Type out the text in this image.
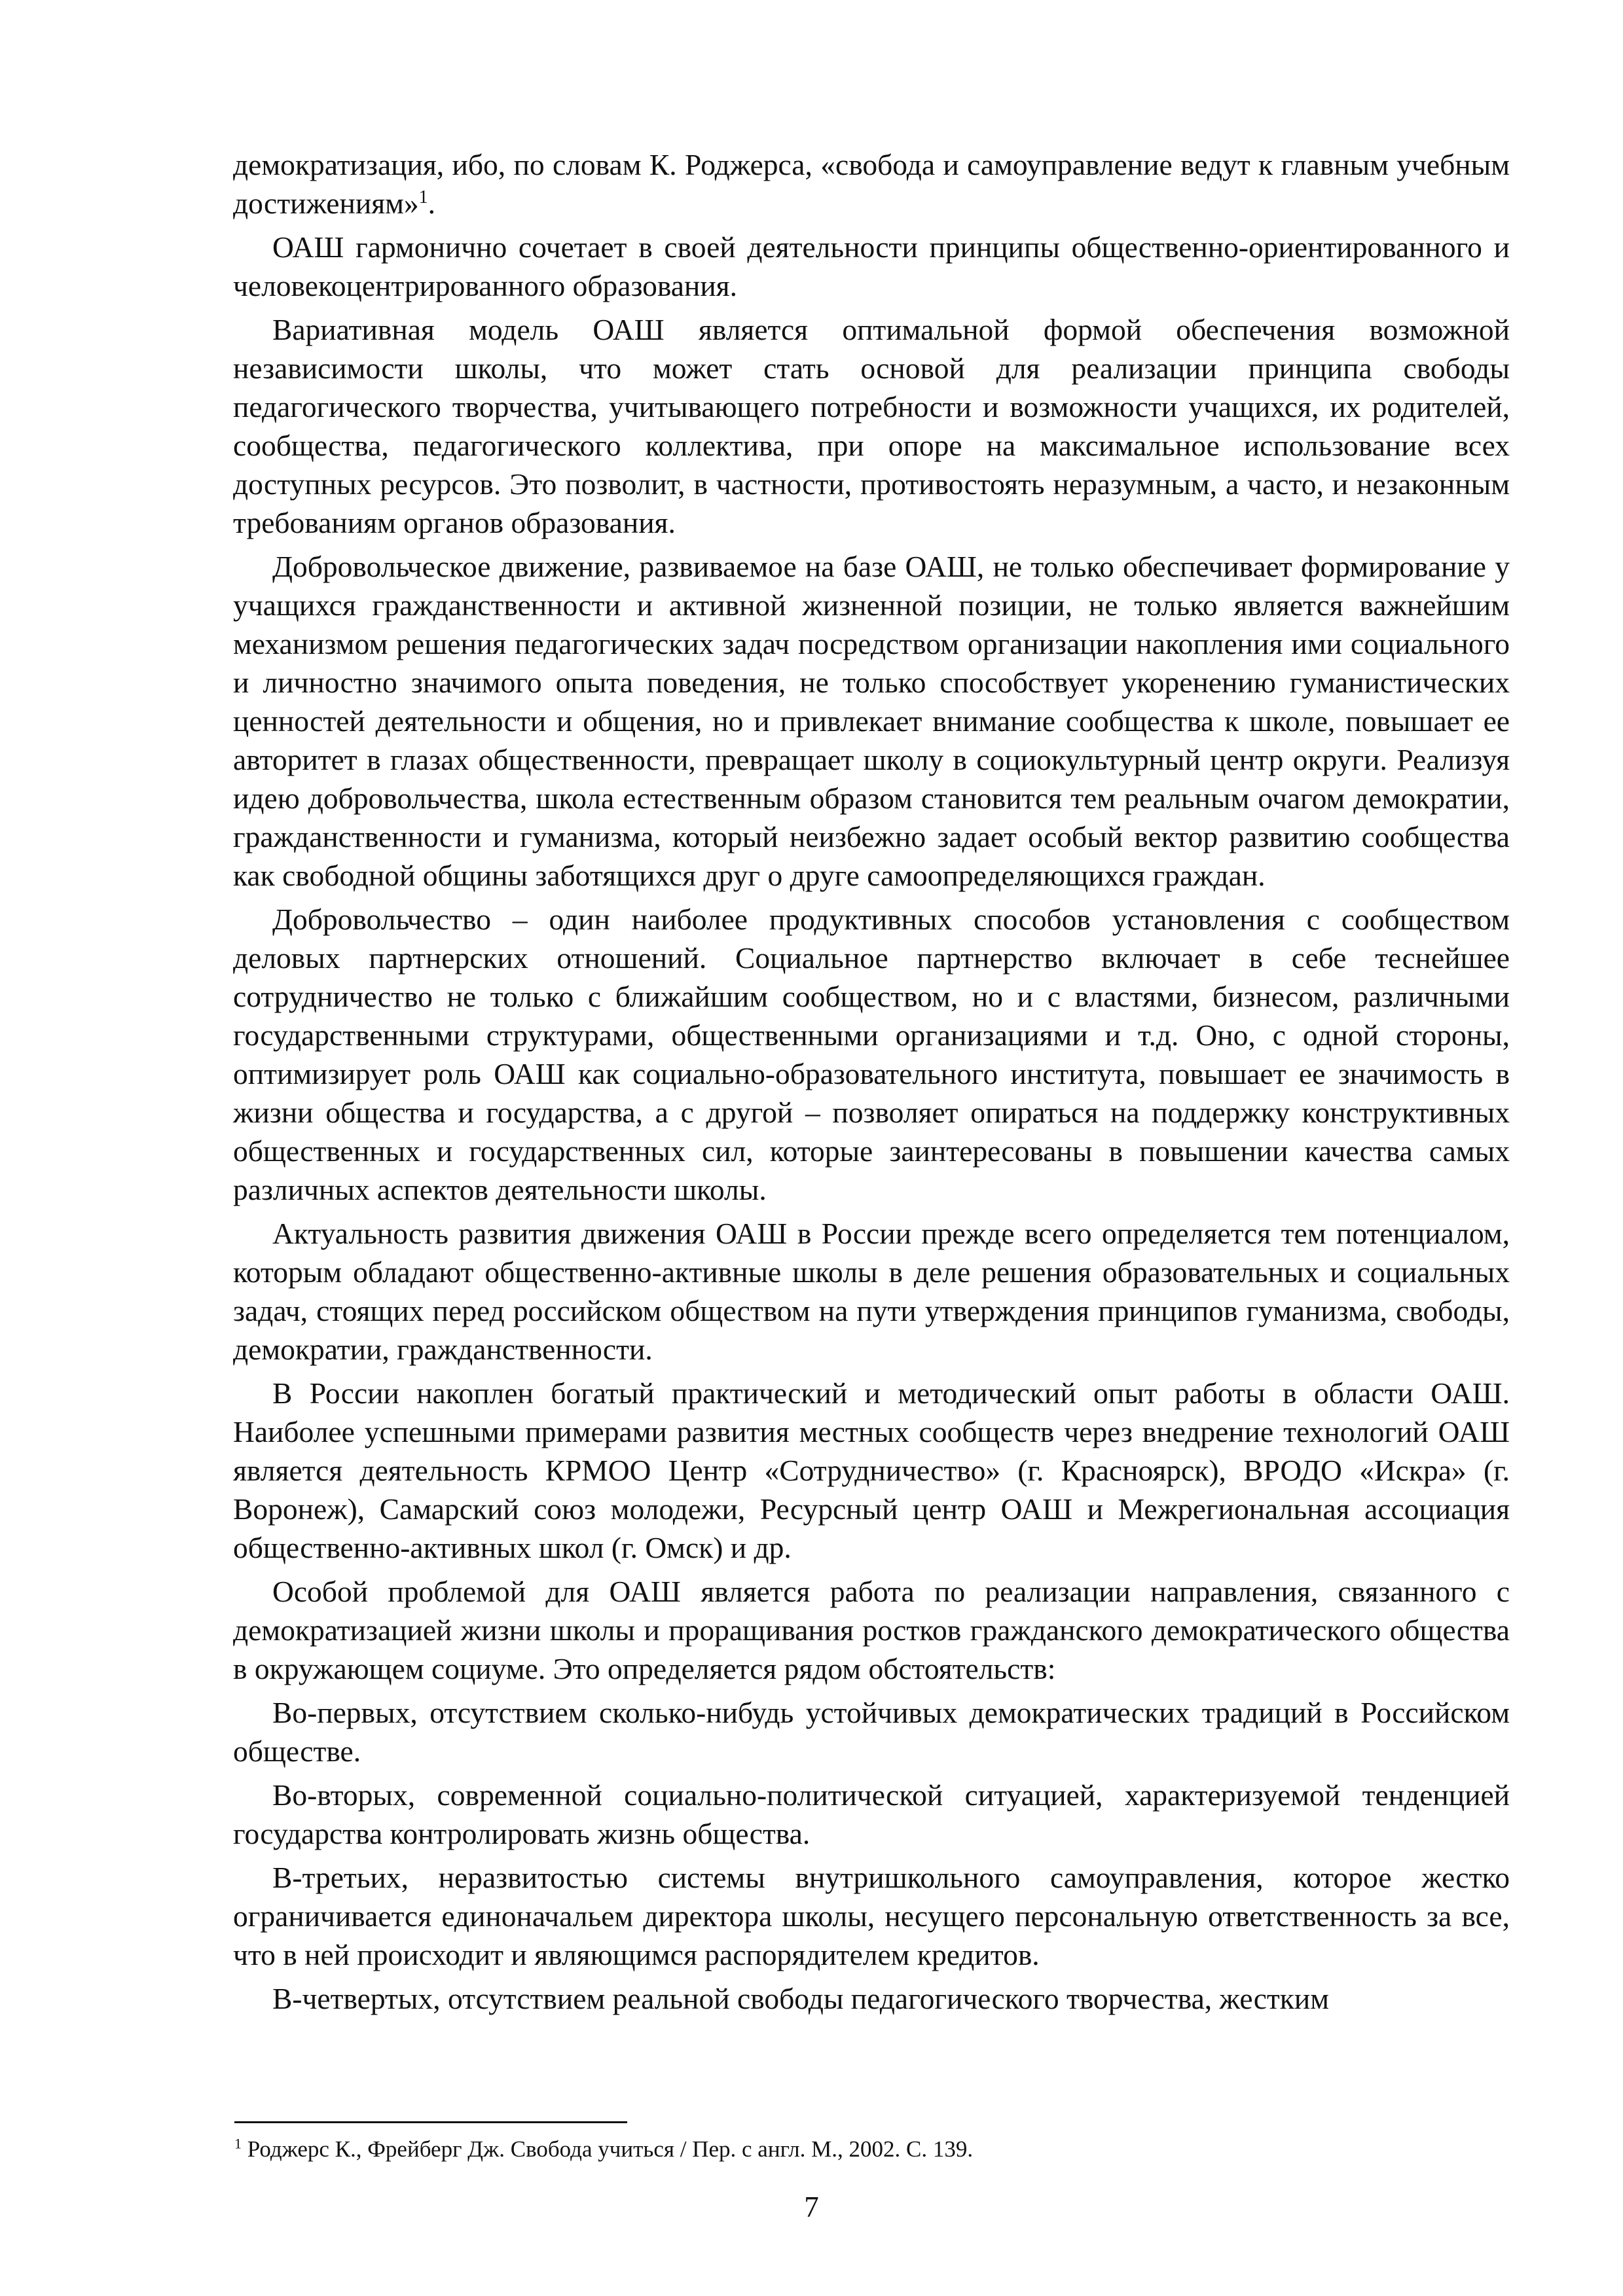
демократизация, ибо, по словам К. Роджерса, «свобода и самоуправление ведут к главным учебным достижениям»$^1$.

ОАШ гармонично сочетает в своей деятельности принципы общественно-ориентированного и человекоцентрированного образования.

Вариативная модель ОАШ является оптимальной формой обеспечения возможной независимости школы, что может стать основой для реализации принципа свободы педагогического творчества, учитывающего потребности и возможности учащихся, их родителей, сообщества, педагогического коллектива, при опоре на максимальное использование всех доступных ресурсов. Это позволит, в частности, противостоять неразумным, а часто, и незаконным требованиям органов образования.

Добровольческое движение, развиваемое на базе ОАШ, не только обеспечивает формирование у учащихся гражданственности и активной жизненной позиции, не только является важнейшим механизмом решения педагогических задач посредством организации накопления ими социального и личностно значимого опыта поведения, не только способствует укоренению гуманистических ценностей деятельности и общения, но и привлекает внимание сообщества к школе, повышает ее авторитет в глазах общественности, превращает школу в социокультурный центр округи. Реализуя идею добровольчества, школа естественным образом становится тем реальным очагом демократии, гражданственности и гуманизма, который неизбежно задает особый вектор развитию сообщества как свободной общины заботящихся друг о друге самоопределяющихся граждан.

Добровольчество – один наиболее продуктивных способов установления с сообществом деловых партнерских отношений. Социальное партнерство включает в себе теснейшее сотрудничество не только с ближайшим сообществом, но и с властями, бизнесом, различными государственными структурами, общественными организациями и т.д. Оно, с одной стороны, оптимизирует роль ОАШ как социально-образовательного института, повышает ее значимость в жизни общества и государства, а с другой – позволяет опираться на поддержку конструктивных общественных и государственных сил, которые заинтересованы в повышении качества самых различных аспектов деятельности школы.

Актуальность развития движения ОАШ в России прежде всего определяется тем потенциалом, которым обладают общественно-активные школы в деле решения образовательных и социальных задач, стоящих перед российском обществом на пути утверждения принципов гуманизма, свободы, демократии, гражданственности.

В России накоплен богатый практический и методический опыт работы в области ОАШ. Наиболее успешными примерами развития местных сообществ через внедрение технологий ОАШ является деятельность КРМОО Центр «Сотрудничество» (г. Красноярск), ВРОДО «Искра» (г. Воронеж), Самарский союз молодежи, Ресурсный центр ОАШ и Межрегиональная ассоциация общественно-активных школ (г. Омск) и др.

Особой проблемой для ОАШ является работа по реализации направления, связанного с демократизацией жизни школы и проращивания ростков гражданского демократического общества в окружающем социуме. Это определяется рядом обстоятельств:

Во-первых, отсутствием сколько-нибудь устойчивых демократических традиций в Российском обществе.

Во-вторых, современной социально-политической ситуацией, характеризуемой тенденцией государства контролировать жизнь общества.

В-третьих, неразвитостью системы внутришкольного самоуправления, которое жестко ограничивается единоначальем директора школы, несущего персональную ответственность за все, что в ней происходит и являющимся распорядителем кредитов.

В-четвертых, отсутствием реальной свободы педагогического творчества, жестким

$^1$ Роджерс К., Фрейберг Дж. Свобода учиться / Пер. с англ. М., 2002. С. 139.
7
